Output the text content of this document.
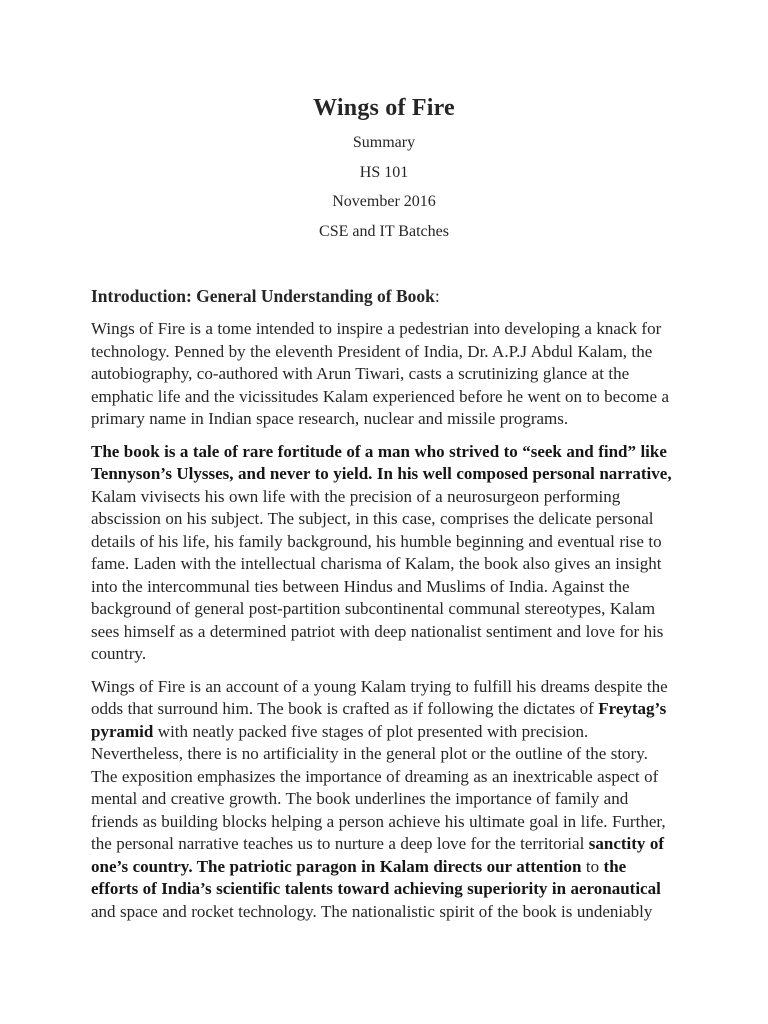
Wings of Fire
Summary
HS 101
November 2016
CSE and IT Batches
Introduction: General Understanding of Book:

Wings of Fire is a tome intended to inspire a pedestrian into developing a knack for technology. Penned by the eleventh President of India, Dr. A.P.J Abdul Kalam, the autobiography, co-authored with Arun Tiwari, casts a scrutinizing glance at the emphatic life and the vicissitudes Kalam experienced before he went on to become a primary name in Indian space research, nuclear and missile programs.

The book is a tale of rare fortitude of a man who strived to “seek and find” like Tennyson’s Ulysses, and never to yield. In his well composed personal narrative, Kalam vivisects his own life with the precision of a neurosurgeon performing abscission on his subject. The subject, in this case, comprises the delicate personal details of his life, his family background, his humble beginning and eventual rise to fame. Laden with the intellectual charisma of Kalam, the book also gives an insight into the intercommunal ties between Hindus and Muslims of India. Against the background of general post-partition subcontinental communal stereotypes, Kalam sees himself as a determined patriot with deep nationalist sentiment and love for his country.

Wings of Fire is an account of a young Kalam trying to fulfill his dreams despite the odds that surround him. The book is crafted as if following the dictates of Freytag’s pyramid with neatly packed five stages of plot presented with precision. Nevertheless, there is no artificiality in the general plot or the outline of the story. The exposition emphasizes the importance of dreaming as an inextricable aspect of mental and creative growth. The book underlines the importance of family and friends as building blocks helping a person achieve his ultimate goal in life. Further, the personal narrative teaches us to nurture a deep love for the territorial sanctity of one’s country. The patriotic paragon in Kalam directs our attention to the efforts of India’s scientific talents toward achieving superiority in aeronautical and space and rocket technology. The nationalistic spirit of the book is undeniably
